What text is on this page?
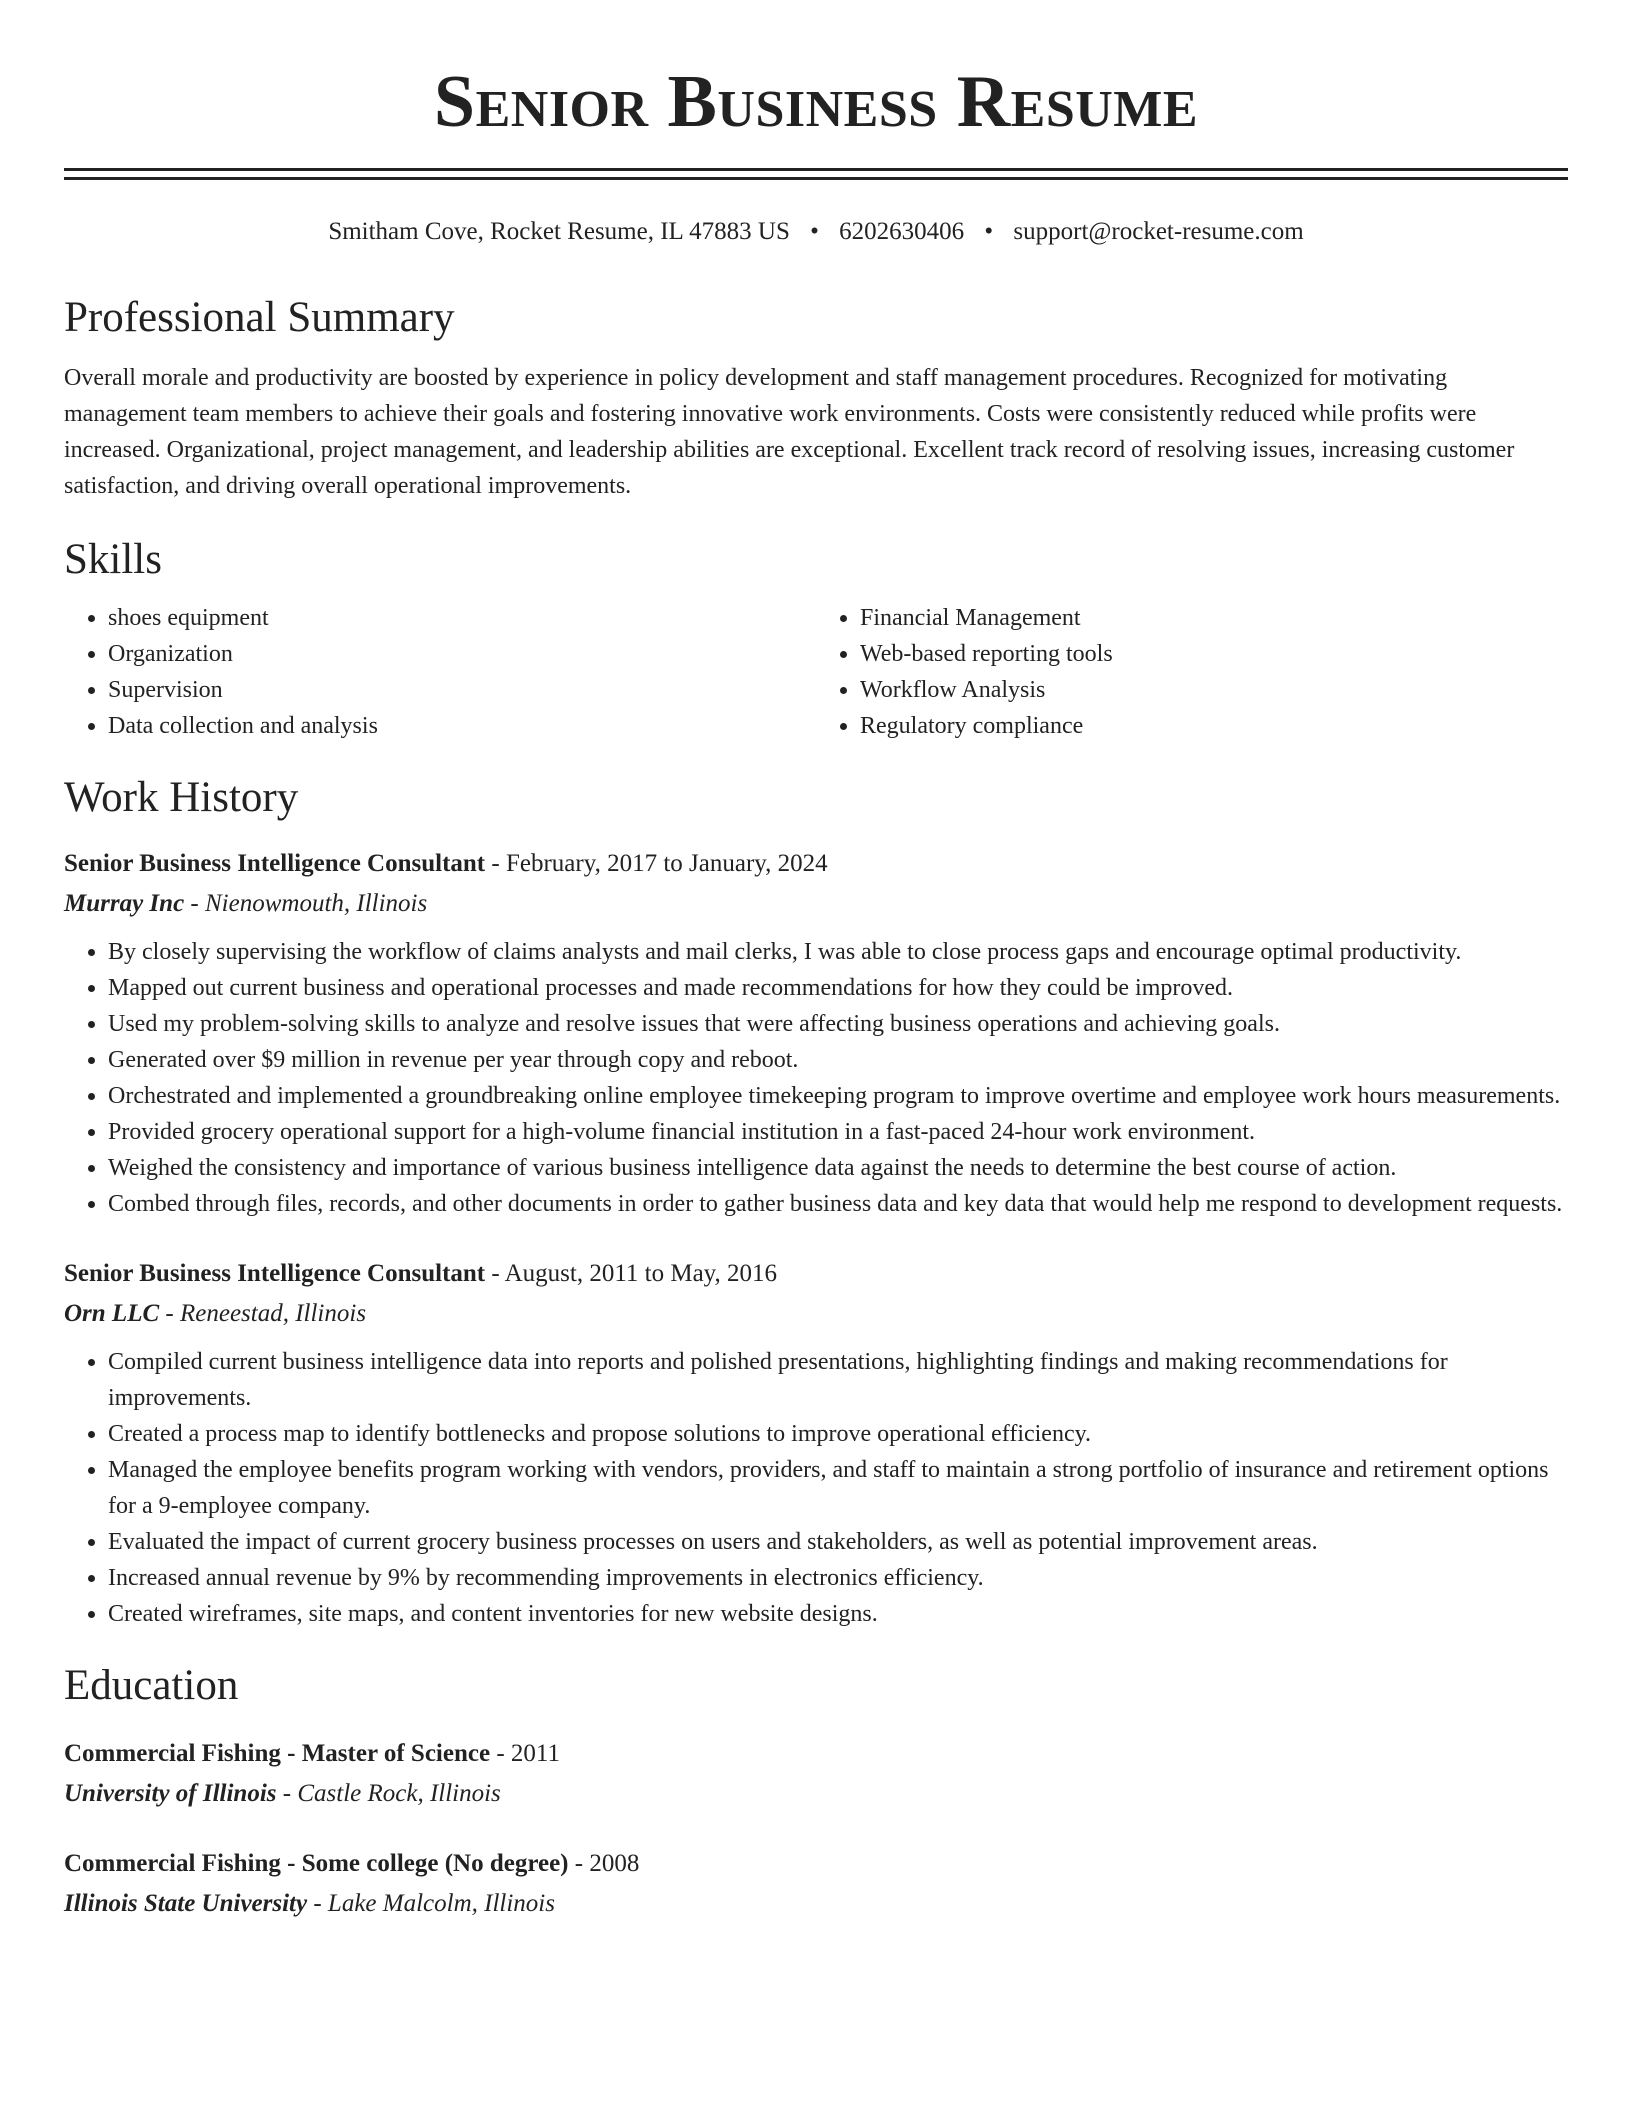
Senior Business Resume
Smitham Cove, Rocket Resume, IL 47883 US • 6202630406 • support@rocket-resume.com
Professional Summary

Overall morale and productivity are boosted by experience in policy development and staff management procedures. Recognized for motivating management team members to achieve their goals and fostering innovative work environments. Costs were consistently reduced while profits were increased. Organizational, project management, and leadership abilities are exceptional. Excellent track record of resolving issues, increasing customer satisfaction, and driving overall operational improvements.

Skills
• shoes equipment
• Organization
• Supervision
• Data collection and analysis
• Financial Management
• Web-based reporting tools
• Workflow Analysis
• Regulatory compliance
Work History
Senior Business Intelligence Consultant - February, 2017 to January, 2024
Murray Inc - Nienowmouth, Illinois
• By closely supervising the workflow of claims analysts and mail clerks, I was able to close process gaps and encourage optimal productivity.
• Mapped out current business and operational processes and made recommendations for how they could be improved.
• Used my problem-solving skills to analyze and resolve issues that were affecting business operations and achieving goals.
• Generated over $9 million in revenue per year through copy and reboot.
• Orchestrated and implemented a groundbreaking online employee timekeeping program to improve overtime and employee work hours measurements.
• Provided grocery operational support for a high-volume financial institution in a fast-paced 24-hour work environment.
• Weighed the consistency and importance of various business intelligence data against the needs to determine the best course of action.
• Combed through files, records, and other documents in order to gather business data and key data that would help me respond to development requests.
Senior Business Intelligence Consultant - August, 2011 to May, 2016
Orn LLC - Reneestad, Illinois
• Compiled current business intelligence data into reports and polished presentations, highlighting findings and making recommendations for improvements.
• Created a process map to identify bottlenecks and propose solutions to improve operational efficiency.
• Managed the employee benefits program working with vendors, providers, and staff to maintain a strong portfolio of insurance and retirement options for a 9-employee company.
• Evaluated the impact of current grocery business processes on users and stakeholders, as well as potential improvement areas.
• Increased annual revenue by 9% by recommending improvements in electronics efficiency.
• Created wireframes, site maps, and content inventories for new website designs.
Education
Commercial Fishing - Master of Science - 2011
University of Illinois - Castle Rock, Illinois
Commercial Fishing - Some college (No degree) - 2008
Illinois State University - Lake Malcolm, Illinois
